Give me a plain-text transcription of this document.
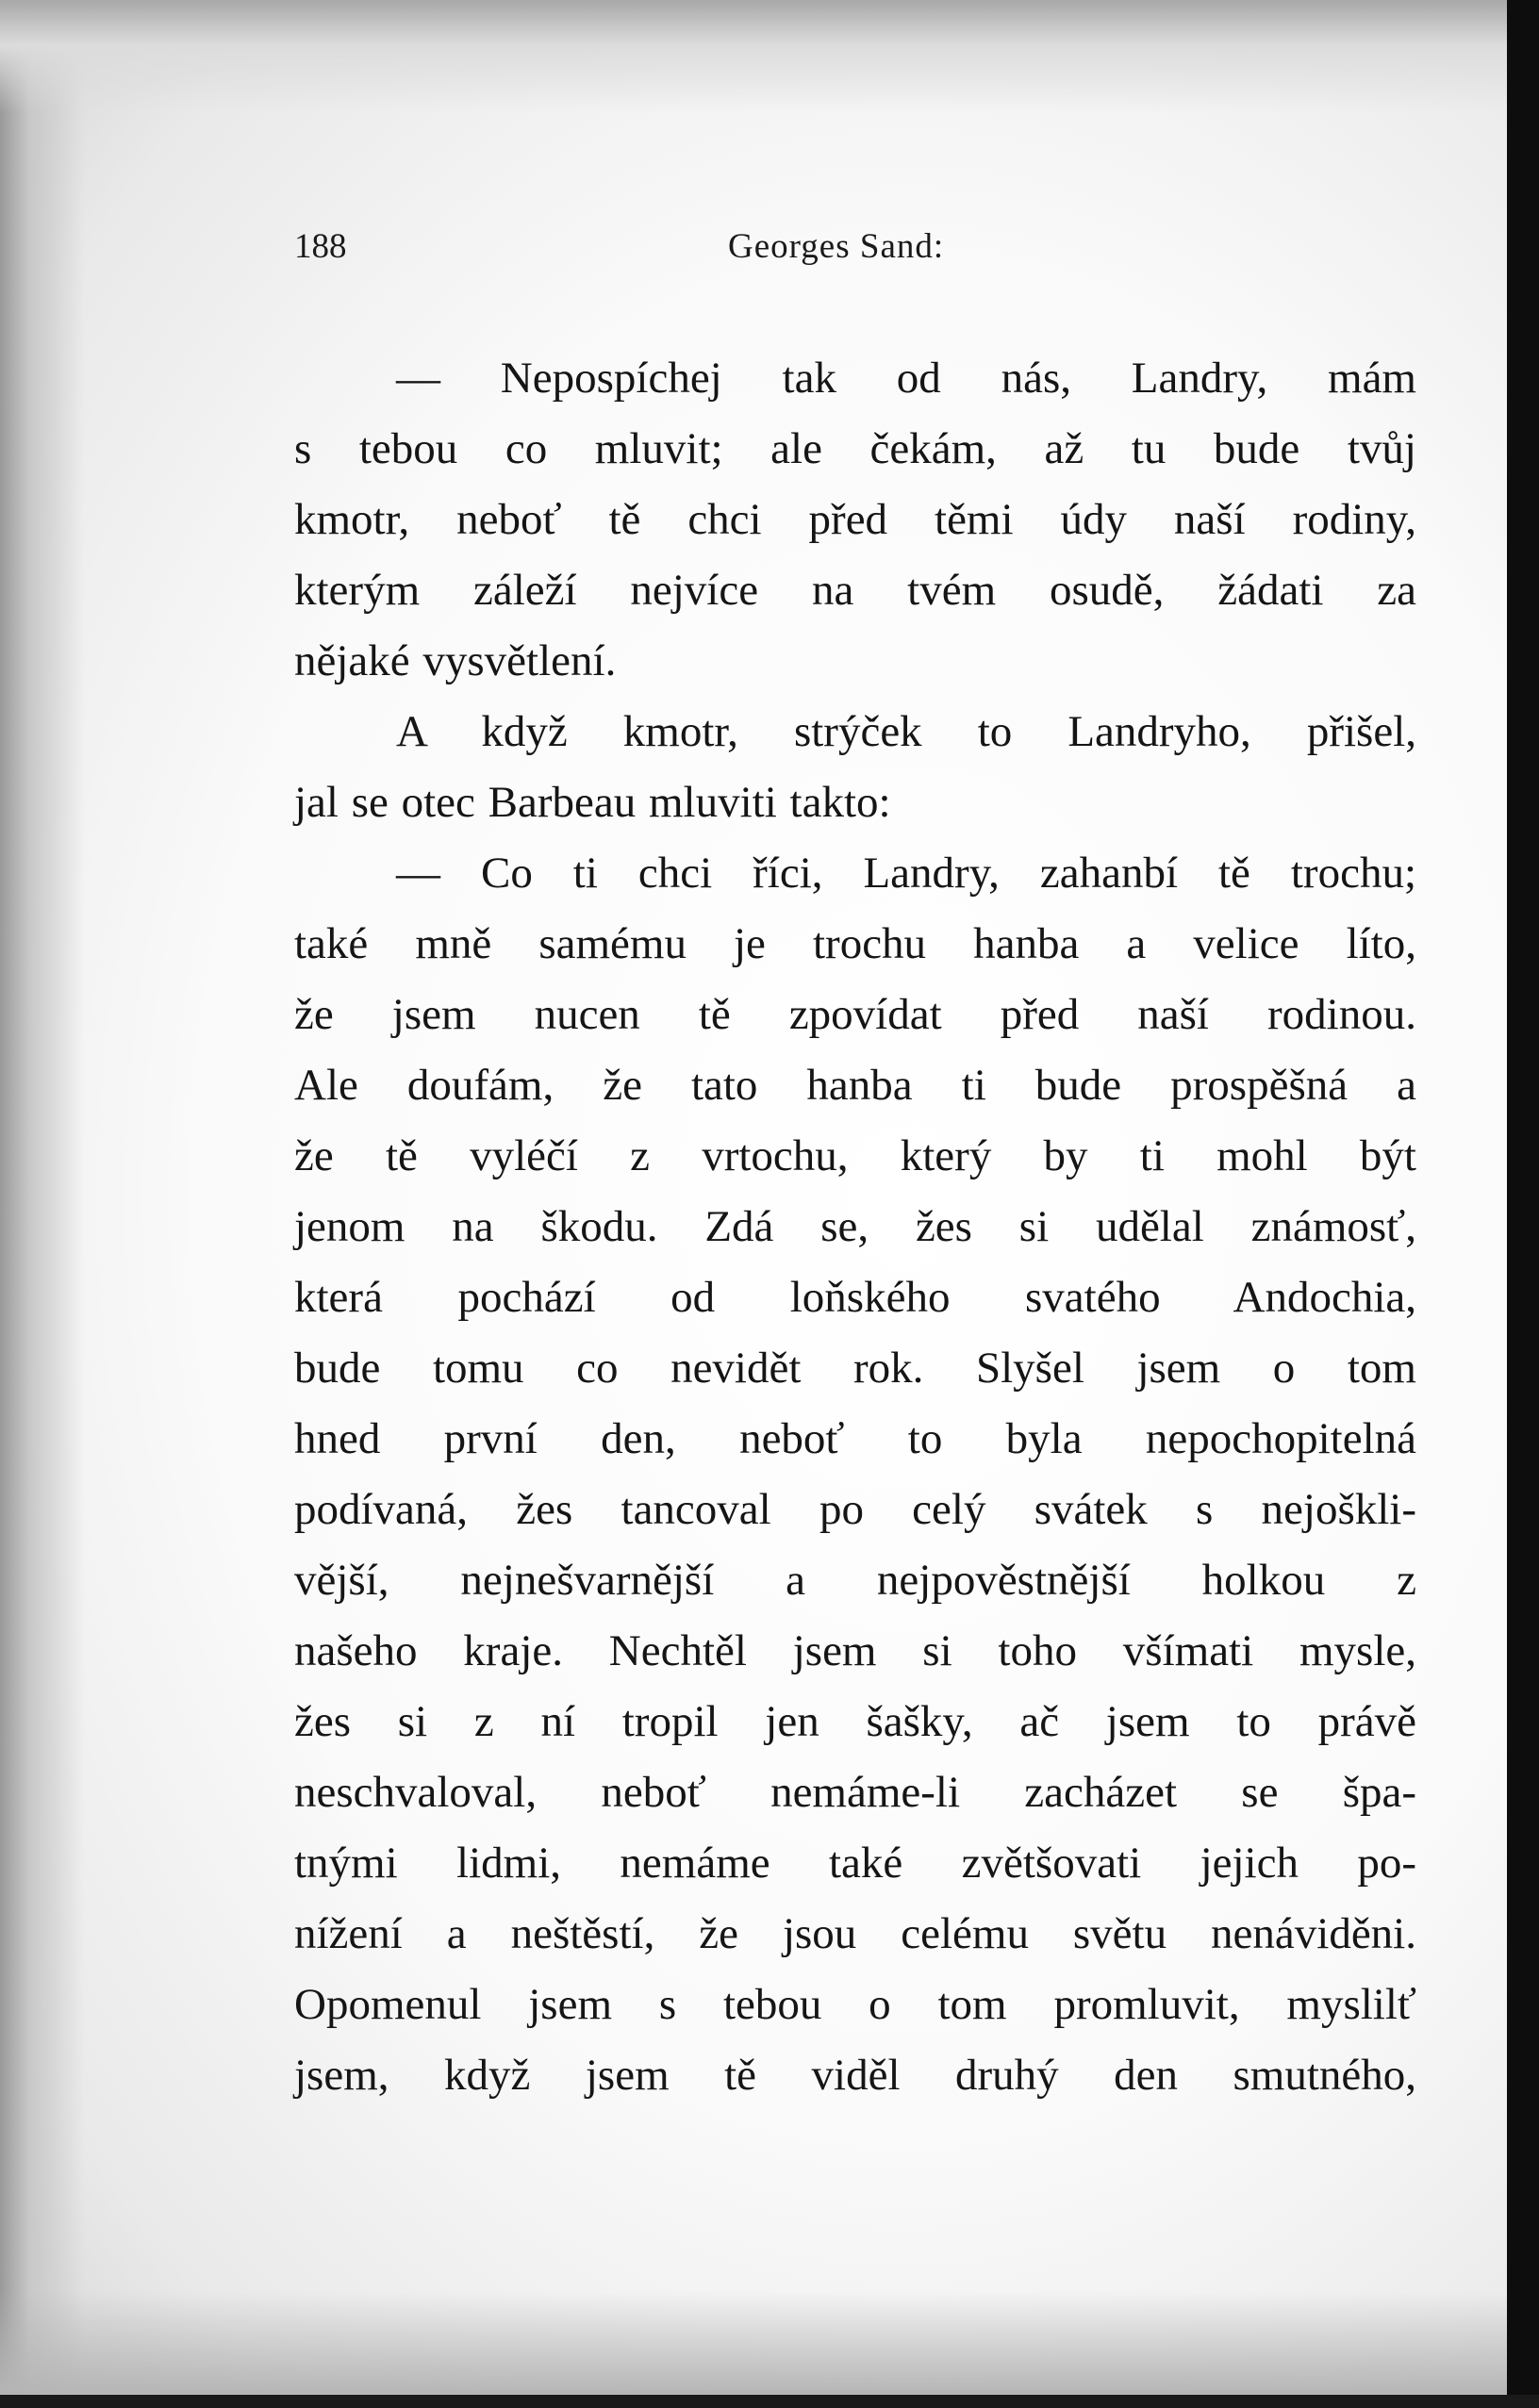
188	Georges Sand:
— Nepospíchej tak od nás, Landry, mám
s tebou co mluvit; ale čekám, až tu bude tvůj
kmotr, neboť tě chci před těmi údy naší rodiny,
kterým záleží nejvíce na tvém osudě, žádati za
nějaké vysvětlení.
A když kmotr, strýček to Landryho, přišel,
jal se otec Barbeau mluviti takto:
— Co ti chci říci, Landry, zahanbí tě trochu;
také mně samému je trochu hanba a velice líto,
že jsem nucen tě zpovídat před naší rodinou.
Ale doufám, že tato hanba ti bude prospěšná a
že tě vyléčí z vrtochu, který by ti mohl být
jenom na škodu. Zdá se, žes si udělal známosť,
která pochází od loňského svatého Andochia,
bude tomu co nevidět rok. Slyšel jsem o tom
hned první den, neboť to byla nepochopitelná
podívaná, žes tancoval po celý svátek s nejoškli-
vější, nejnešvarnější a nejpověstnější holkou z
našeho kraje. Nechtěl jsem si toho všímati mysle,
žes si z ní tropil jen šašky, ač jsem to právě
neschvaloval, neboť nemáme-li zacházet se špa-
tnými lidmi, nemáme také zvětšovati jejich po-
nížení a neštěstí, že jsou celému světu nenáviděni.
Opomenul jsem s tebou o tom promluvit, myslilť
jsem, když jsem tě viděl druhý den smutného,
